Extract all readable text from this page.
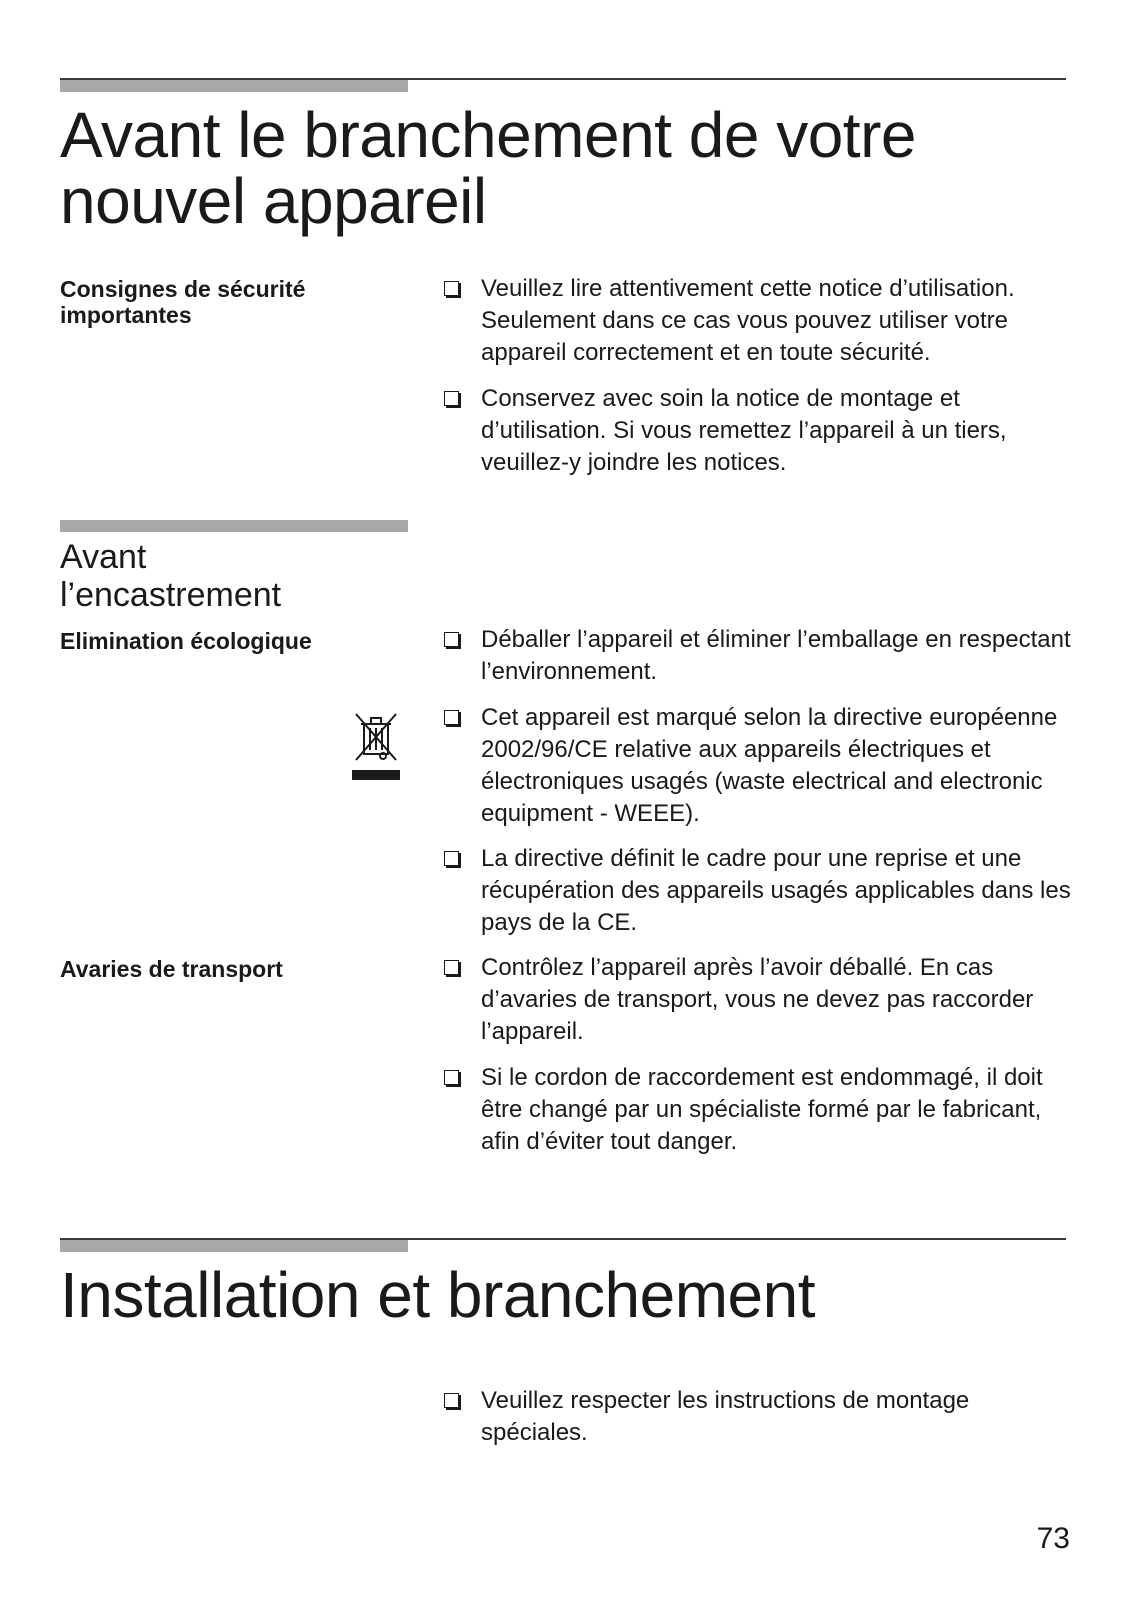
Avant le branchement de votre
nouvel appareil
Consignes de sécurité
importantes
Veuillez lire attentivement cette notice d’utilisation. Seulement dans ce cas vous pouvez utiliser votre appareil correctement et en toute sécurité.
Conservez avec soin la notice de montage et d’utilisation. Si vous remettez l’appareil à un tiers, veuillez-y joindre les notices.
Avant
l’encastrement
Elimination écologique	Déballer l’appareil et éliminer l’emballage en respectant l’environnement.
Cet appareil est marqué selon la directive européenne 2002/96/CE relative aux appareils électriques et électroniques usagés (waste electrical and electronic equipment - WEEE).
La directive définit le cadre pour une reprise et une récupération des appareils usagés applicables dans les pays de la CE.
Avaries de transport	Contrôlez l’appareil après l’avoir déballé. En cas d’avaries de transport, vous ne devez pas raccorder l’appareil.
Si le cordon de raccordement est endommagé, il doit être changé par un spécialiste formé par le fabricant, afin d’éviter tout danger.
Installation et branchement
Veuillez respecter les instructions de montage spéciales.
73
